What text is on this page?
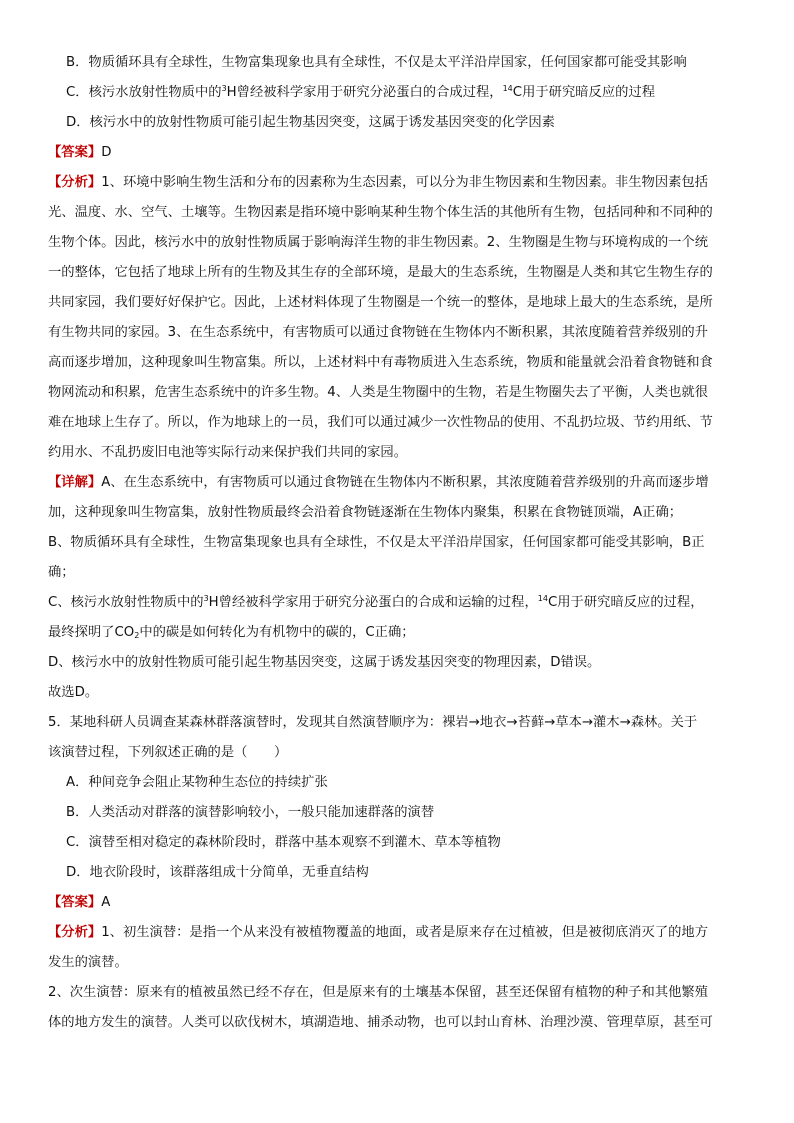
B．物质循环具有全球性，生物富集现象也具有全球性，不仅是太平洋沿岸国家，任何国家都可能受其影响
C．核污水放射性物质中的$^3$H曾经被科学家用于研究分泌蛋白的合成过程，$^{14}$C用于研究暗反应的过程
D．核污水中的放射性物质可能引起生物基因突变，这属于诱发基因突变的化学因素
【答案】D
【分析】1、环境中影响生物生活和分布的因素称为生态因素，可以分为非生物因素和生物因素。非生物因素包括
光、温度、水、空气、土壤等。生物因素是指环境中影响某种生物个体生活的其他所有生物，包括同种和不同种的
生物个体。因此，核污水中的放射性物质属于影响海洋生物的非生物因素。2、生物圈是生物与环境构成的一个统
一的整体，它包括了地球上所有的生物及其生存的全部环境，是最大的生态系统，生物圈是人类和其它生物生存的
共同家园，我们要好好保护它。因此，上述材料体现了生物圈是一个统一的整体，是地球上最大的生态系统，是所
有生物共同的家园。3、在生态系统中，有害物质可以通过食物链在生物体内不断积累，其浓度随着营养级别的升
高而逐步增加，这种现象叫生物富集。所以，上述材料中有毒物质进入生态系统，物质和能量就会沿着食物链和食
物网流动和积累，危害生态系统中的许多生物。4、人类是生物圈中的生物，若是生物圈失去了平衡，人类也就很
难在地球上生存了。所以，作为地球上的一员，我们可以通过减少一次性物品的使用、不乱扔垃圾、节约用纸、节
约用水、不乱扔废旧电池等实际行动来保护我们共同的家园。
【详解】A、在生态系统中，有害物质可以通过食物链在生物体内不断积累，其浓度随着营养级别的升高而逐步增
加，这种现象叫生物富集，放射性物质最终会沿着食物链逐渐在生物体内聚集，积累在食物链顶端，A正确；
B、物质循环具有全球性，生物富集现象也具有全球性，不仅是太平洋沿岸国家，任何国家都可能受其影响，B正
确；
C、核污水放射性物质中的$^3$H曾经被科学家用于研究分泌蛋白的合成和运输的过程，$^{14}$C用于研究暗反应的过程，
最终探明了$CO_2$中的碳是如何转化为有机物中的碳的，C正确；
D、核污水中的放射性物质可能引起生物基因突变，这属于诱发基因突变的物理因素，D错误。
故选D。
5．某地科研人员调查某森林群落演替时，发现其自然演替顺序为：裸岩→地衣→苔藓→草本→灌木→森林。关于
该演替过程，下列叙述正确的是（　　）
A．种间竞争会阻止某物种生态位的持续扩张
B．人类活动对群落的演替影响较小，一般只能加速群落的演替
C．演替至相对稳定的森林阶段时，群落中基本观察不到灌木、草本等植物
D．地衣阶段时，该群落组成十分简单，无垂直结构
【答案】A
【分析】1、初生演替：是指一个从来没有被植物覆盖的地面，或者是原来存在过植被，但是被彻底消灭了的地方
发生的演替。
2、次生演替：原来有的植被虽然已经不存在，但是原来有的土壤基本保留，甚至还保留有植物的种子和其他繁殖
体的地方发生的演替。人类可以砍伐树木，填湖造地、捕杀动物，也可以封山育林、治理沙漠、管理草原，甚至可
